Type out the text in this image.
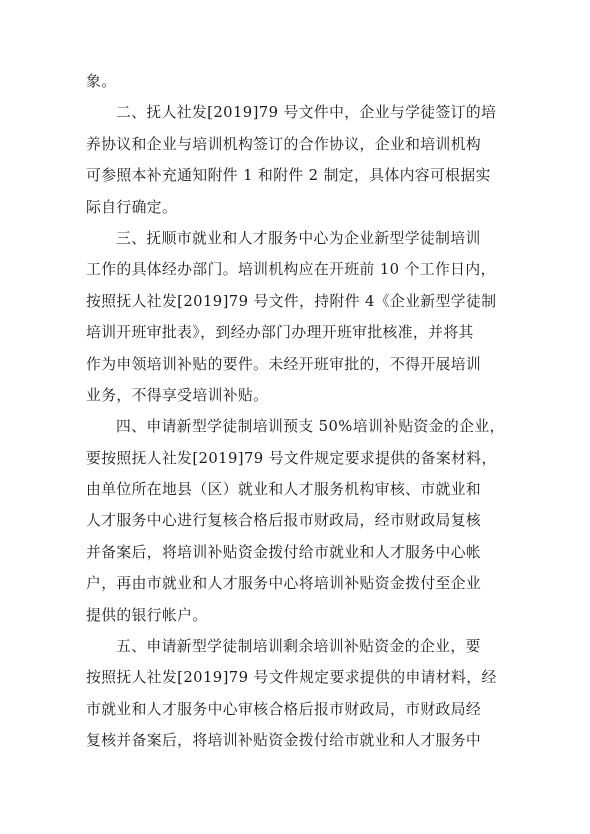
象。
二、抚人社发[2019]79 号文件中，企业与学徒签订的培
养协议和企业与培训机构签订的合作协议，企业和培训机构
可参照本补充通知附件 1 和附件 2 制定，具体内容可根据实
际自行确定。
三、抚顺市就业和人才服务中心为企业新型学徒制培训
工作的具体经办部门。培训机构应在开班前 10 个工作日内，
按照抚人社发[2019]79 号文件，持附件 4《企业新型学徒制
培训开班审批表》，到经办部门办理开班审批核准，并将其
作为申领培训补贴的要件。未经开班审批的，不得开展培训
业务，不得享受培训补贴。
四、申请新型学徒制培训预支 50%培训补贴资金的企业，
要按照抚人社发[2019]79 号文件规定要求提供的备案材料，
由单位所在地县（区）就业和人才服务机构审核、市就业和
人才服务中心进行复核合格后报市财政局，经市财政局复核
并备案后，将培训补贴资金拨付给市就业和人才服务中心帐
户，再由市就业和人才服务中心将培训补贴资金拨付至企业
提供的银行帐户。
五、申请新型学徒制培训剩余培训补贴资金的企业，要
按照抚人社发[2019]79 号文件规定要求提供的申请材料，经
市就业和人才服务中心审核合格后报市财政局，市财政局经
复核并备案后，将培训补贴资金拨付给市就业和人才服务中
